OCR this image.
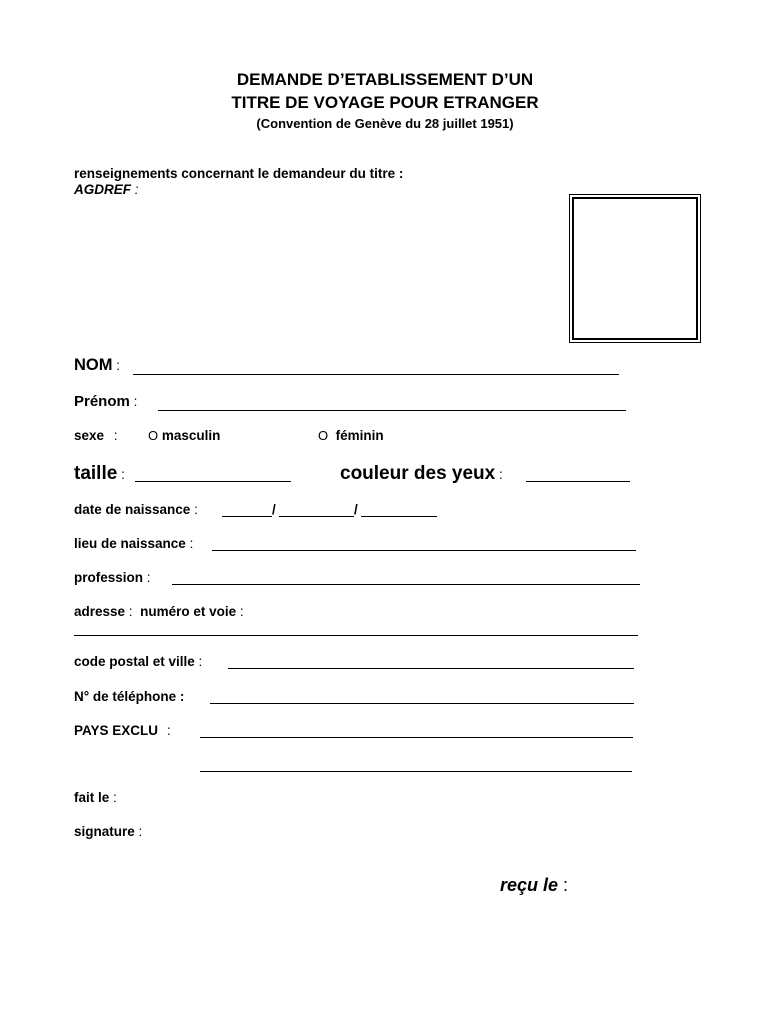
DEMANDE D’ETABLISSEMENT D’UN
TITRE DE VOYAGE POUR ETRANGER
(Convention de Genève du 28 juillet 1951)
renseignements concernant le demandeur du titre :
AGDREF :
NOM :
Prénom :
sexe : O masculin	O féminin
taille :	couleur des yeux :
date de naissance :	/	/
lieu de naissance :
profession :
adresse : numéro et voie :
code postal et ville :
N° de téléphone :
PAYS EXCLU :
fait le :
signature :
reçu le :
